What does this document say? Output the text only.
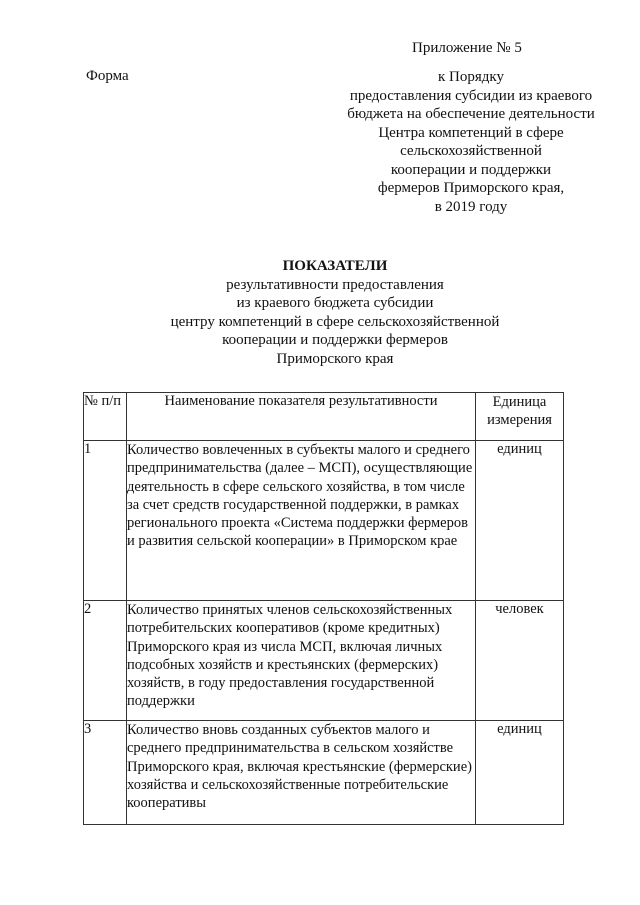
Приложение № 5
Форма	к Порядку
предоставления субсидии из краевого
бюджета на обеспечение деятельности
Центра компетенций в сфере
сельскохозяйственной
кооперации и поддержки
фермеров Приморского края,
в 2019 году
ПОКАЗАТЕЛИ
результативности предоставления
из краевого бюджета субсидии
центру компетенций в сфере сельскохозяйственной
кооперации и поддержки фермеров
Приморского края
№ п/п	Наименование показателя результативности	Единица измерения
1	Количество вовлеченных в субъекты малого и среднего предпринимательства (далее – МСП), осуществляющие деятельность в сфере сельского хозяйства, в том числе за счет средств государственной поддержки, в рамках регионального проекта «Система поддержки фермеров и развития сельской кооперации» в Приморском крае	единиц
2	Количество принятых членов сельскохозяйственных потребительских кооперативов (кроме кредитных) Приморского края из числа МСП, включая личных подсобных хозяйств и крестьянских (фермерских) хозяйств, в году предоставления государственной поддержки	человек
3	Количество вновь созданных субъектов малого и среднего предпринимательства в сельском хозяйстве Приморского края, включая крестьянские (фермерские) хозяйства и сельскохозяйственные потребительские кооперативы	единиц
